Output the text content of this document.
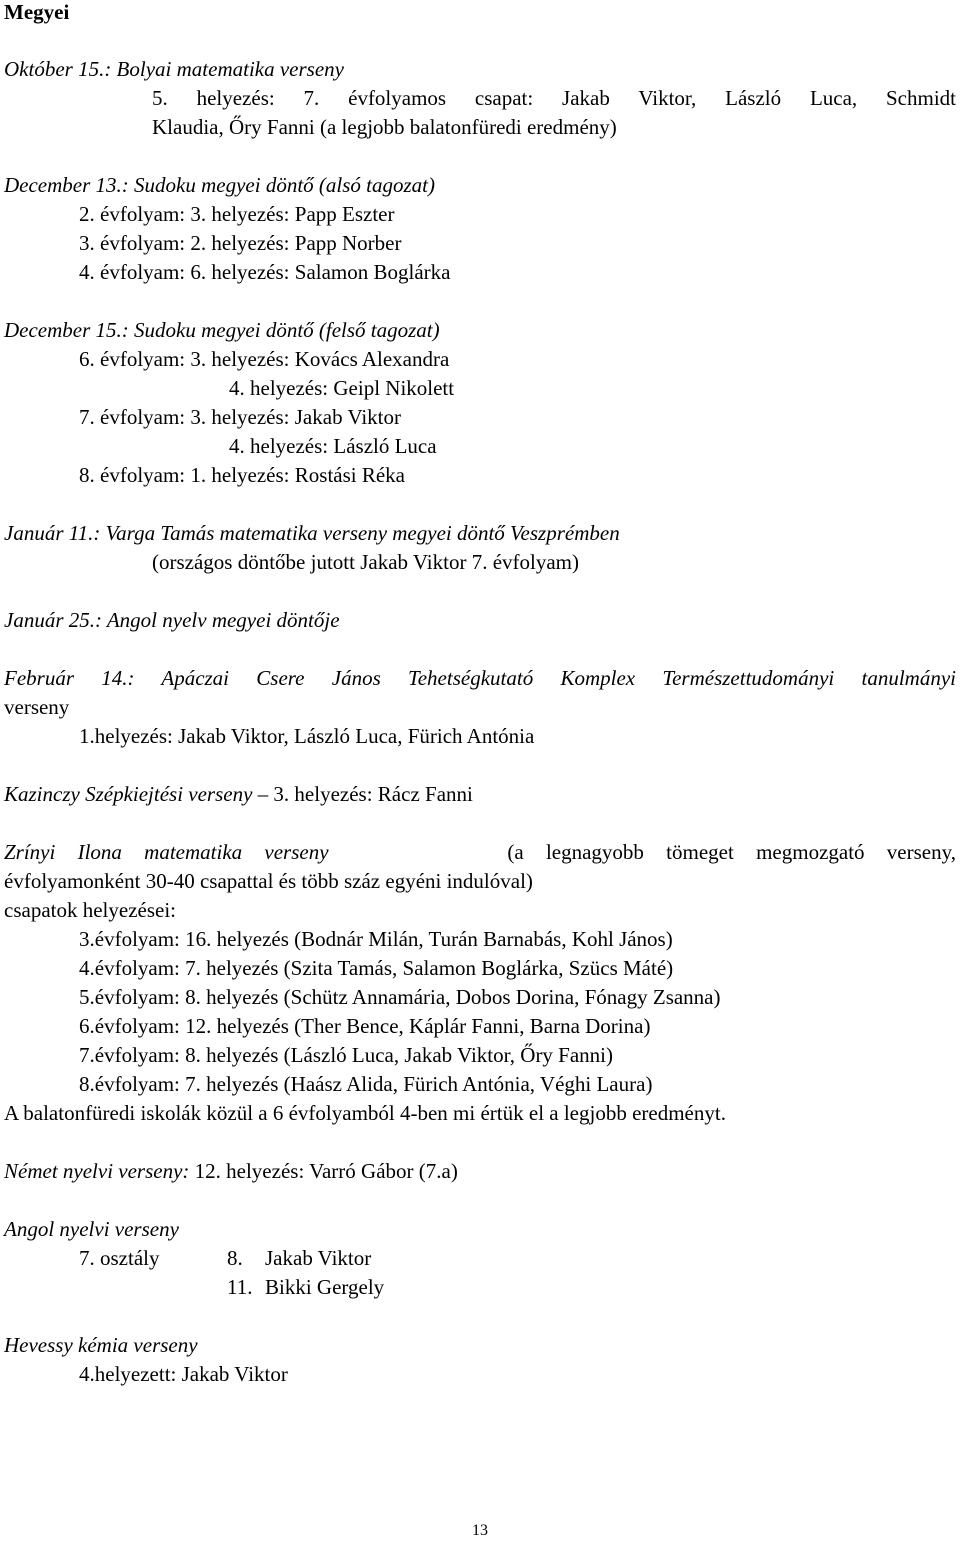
Megyei
Október 15.: Bolyai matematika verseny
5. helyezés: 7. évfolyamos csapat: Jakab Viktor, László Luca, Schmidt
Klaudia, Őry Fanni (a legjobb balatonfüredi eredmény)
December 13.: Sudoku megyei döntő (alsó tagozat)
2. évfolyam: 3. helyezés: Papp Eszter
3. évfolyam: 2. helyezés: Papp Norber
4. évfolyam: 6. helyezés: Salamon Boglárka
December 15.: Sudoku megyei döntő (felső tagozat)
6. évfolyam: 3. helyezés: Kovács Alexandra
4. helyezés: Geipl Nikolett
7. évfolyam: 3. helyezés: Jakab Viktor
4. helyezés: László Luca
8. évfolyam: 1. helyezés: Rostási Réka
Január 11.: Varga Tamás matematika verseny megyei döntő Veszprémben
(országos döntőbe jutott Jakab Viktor 7. évfolyam)
Január 25.: Angol nyelv megyei döntője
Február 14.: Apáczai Csere János Tehetségkutató Komplex Természettudományi tanulmányi
verseny
1.helyezés: Jakab Viktor, László Luca, Fürich Antónia
Kazinczy Szépkiejtési verseny – 3. helyezés: Rácz Fanni
Zrínyi Ilona matematika verseny	(a legnagyobb tömeget megmozgató verseny,
évfolyamonként 30-40 csapattal és több száz egyéni indulóval)
csapatok helyezései:
3.évfolyam: 16. helyezés (Bodnár Milán, Turán Barnabás, Kohl János)
4.évfolyam: 7. helyezés (Szita Tamás, Salamon Boglárka, Szücs Máté)
5.évfolyam: 8. helyezés (Schütz Annamária, Dobos Dorina, Fónagy Zsanna)
6.évfolyam: 12. helyezés (Ther Bence, Káplár Fanni, Barna Dorina)
7.évfolyam: 8. helyezés (László Luca, Jakab Viktor, Őry Fanni)
8.évfolyam: 7. helyezés (Haász Alida, Fürich Antónia, Véghi Laura)
A balatonfüredi iskolák közül a 6 évfolyamból 4-ben mi értük el a legjobb eredményt.
Német nyelvi verseny: 12. helyezés: Varró Gábor (7.a)
Angol nyelvi verseny
7. osztály	8. Jakab Viktor
11. Bikki Gergely
Hevessy kémia verseny
4.helyezett: Jakab Viktor
13
